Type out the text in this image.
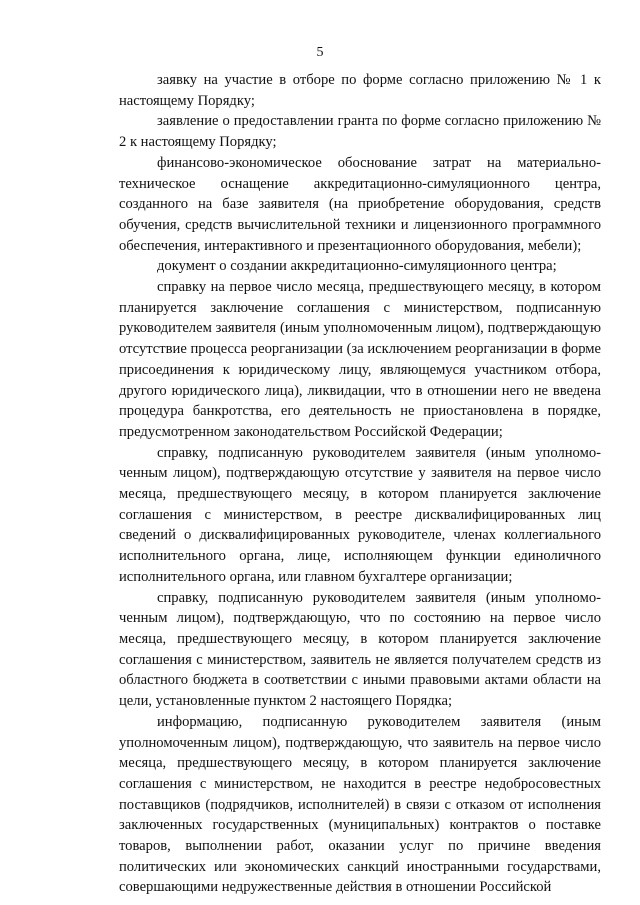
5

заявку на участие в отборе по форме согласно приложению № 1 к настоящему Порядку;

заявление о предоставлении гранта по форме согласно приложению № 2 к настоящему Порядку;

финансово-экономическое обоснование затрат на материально-техническое оснащение аккредитационно-симуляционного центра, созданного на базе заявителя (на приобретение оборудования, средств обучения, средств вычислительной техники и лицензионного программного обеспечения, интерактивного и презентационного оборудования, мебели);

документ о создании аккредитационно-симуляционного центра;

справку на первое число месяца, предшествующего месяцу, в котором планируется заключение соглашения с министерством, подписанную руководителем заявителя (иным уполномоченным лицом), подтверждающую отсутствие процесса реорганизации (за исключением реорганизации в форме присоединения к юридическому лицу, являющемуся участником отбора, другого юридического лица), ликвидации, что в отношении него не введена процедура банкротства, его деятельность не приостановлена в порядке, предусмотренном законодательством Российской Федерации;

справку, подписанную руководителем заявителя (иным уполномоченным лицом), подтверждающую отсутствие у заявителя на первое число месяца, предшествующего месяцу, в котором планируется заключение соглашения с министерством, в реестре дисквалифицированных лиц сведений о дисквалифицированных руководителе, членах коллегиального исполнительного органа, лице, исполняющем функции единоличного исполнительного органа, или главном бухгалтере организации;

справку, подписанную руководителем заявителя (иным уполномоченным лицом), подтверждающую, что по состоянию на первое число месяца, предшествующего месяцу, в котором планируется заключение соглашения с министерством, заявитель не является получателем средств из областного бюджета в соответствии с иными правовыми актами области на цели, установленные пунктом 2 настоящего Порядка;

информацию, подписанную руководителем заявителя (иным уполномоченным лицом), подтверждающую, что заявитель на первое число месяца, предшествующего месяцу, в котором планируется заключение соглашения с министерством, не находится в реестре недобросовестных поставщиков (подрядчиков, исполнителей) в связи с отказом от исполнения заключенных государственных (муниципальных) контрактов о поставке товаров, выполнении работ, оказании услуг по причине введения политических или экономических санкций иностранными государствами, совершающими недружественные действия в отношении Российской
